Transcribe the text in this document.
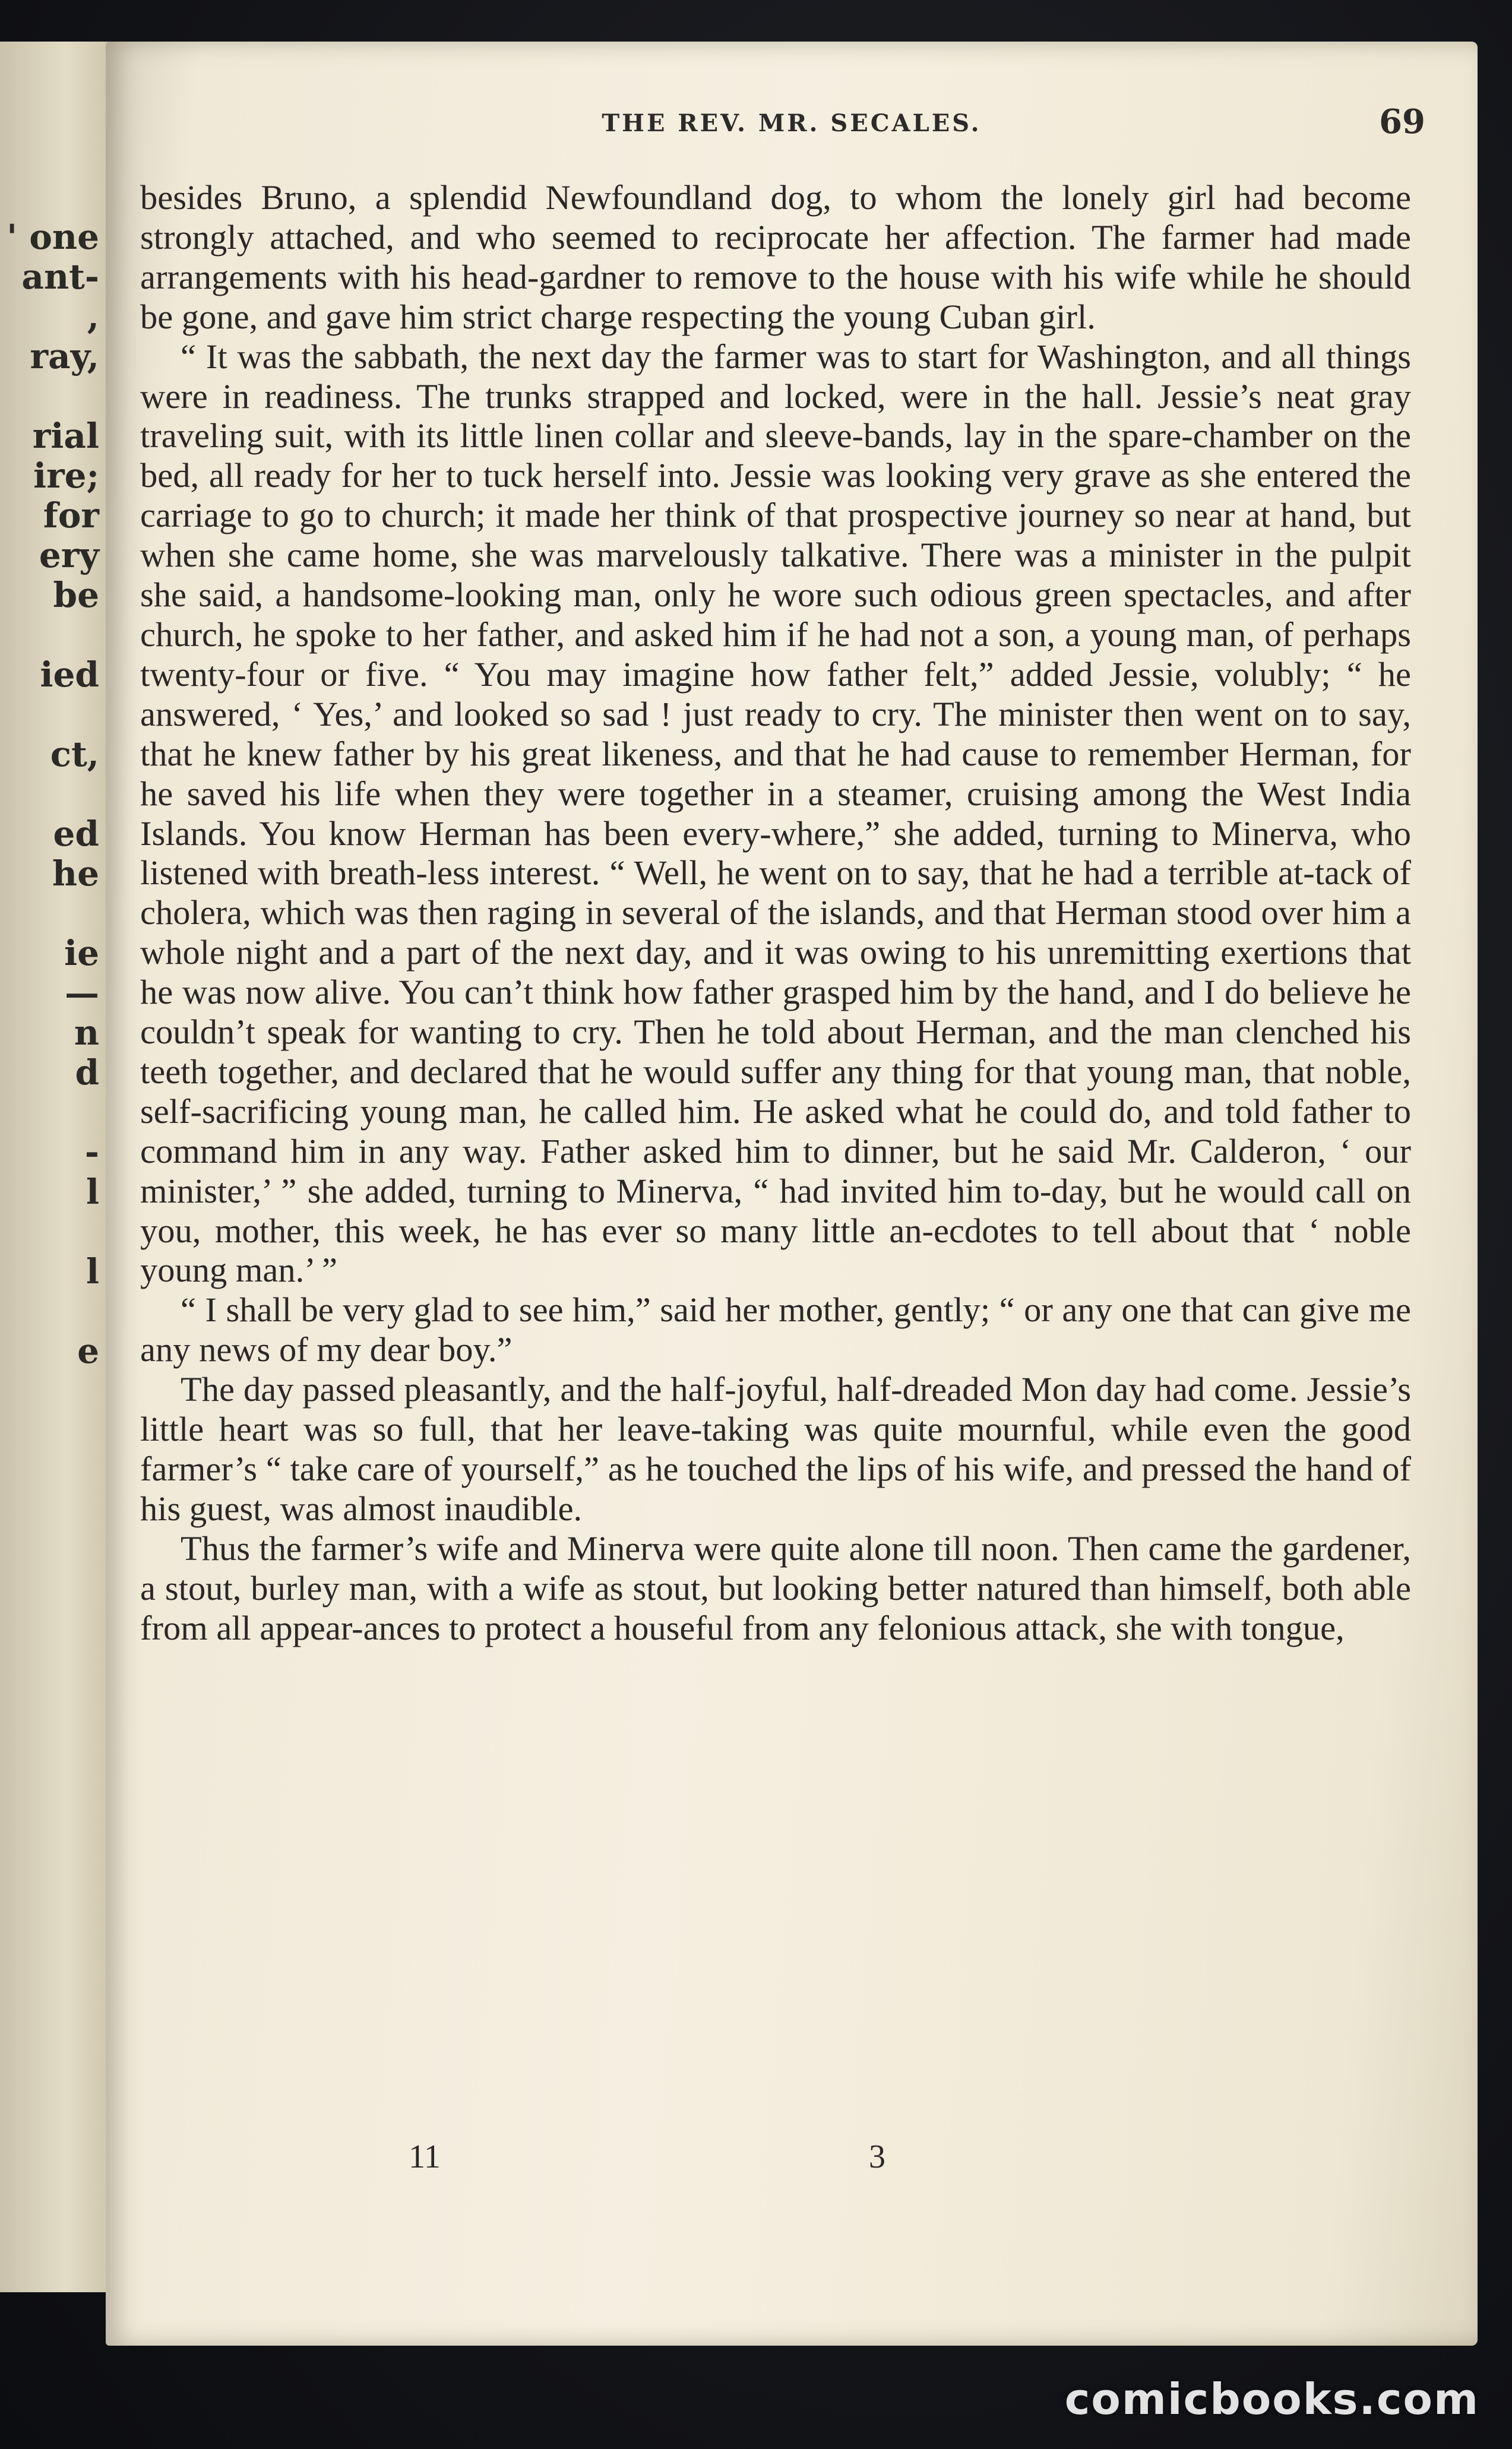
' one
ant-
,
ray,
rial
ire;
for
ery
be
ied
ct,
ed
he
ie
—
n
d
-
l
l
e
THE REV. MR. SECALES.	69

besides Bruno, a splendid Newfoundland dog, to whom the lonely girl had become strongly attached, and who seemed to reciprocate her affection. The farmer had made arrangements with his head-gardner to remove to the house with his wife while he should be gone, and gave him strict charge respecting the young Cuban girl.

“ It was the sabbath, the next day the farmer was to start for Washington, and all things were in readiness. The trunks strapped and locked, were in the hall. Jessie’s neat gray traveling suit, with its little linen collar and sleeve-bands, lay in the spare-chamber on the bed, all ready for her to tuck herself into. Jessie was looking very grave as she entered the carriage to go to church; it made her think of that prospective journey so near at hand, but when she came home, she was marvelously talkative. There was a minister in the pulpit she said, a handsome-looking man, only he wore such odious green spectacles, and after church, he spoke to her father, and asked him if he had not a son, a young man, of perhaps twenty-four or five. “ You may imagine how father felt,” added Jessie, volubly; “ he answered, ‘ Yes,’ and looked so sad ! just ready to cry. The minister then went on to say, that he knew father by his great likeness, and that he had cause to remember Herman, for he saved his life when they were together in a steamer, cruising among the West India Islands. You know Herman has been every-where,” she added, turning to Minerva, who listened with breath-less interest. “ Well, he went on to say, that he had a terrible at-tack of cholera, which was then raging in several of the islands, and that Herman stood over him a whole night and a part of the next day, and it was owing to his unremitting exertions that he was now alive. You can’t think how father grasped him by the hand, and I do believe he couldn’t speak for wanting to cry. Then he told about Herman, and the man clenched his teeth together, and declared that he would suffer any thing for that young man, that noble, self-sacrificing young man, he called him. He asked what he could do, and told father to command him in any way. Father asked him to dinner, but he said Mr. Calderon, ‘ our minister,’ ” she added, turning to Minerva, “ had invited him to-day, but he would call on you, mother, this week, he has ever so many little an-ecdotes to tell about that ‘ noble young man.’ ”

“ I shall be very glad to see him,” said her mother, gently; “ or any one that can give me any news of my dear boy.”

The day passed pleasantly, and the half-joyful, half-dreaded Mon day had come. Jessie’s little heart was so full, that her leave-taking was quite mournful, while even the good farmer’s “ take care of yourself,” as he touched the lips of his wife, and pressed the hand of his guest, was almost inaudible.

Thus the farmer’s wife and Minerva were quite alone till noon. Then came the gardener, a stout, burley man, with a wife as stout, but looking better natured than himself, both able from all appear-ances to protect a houseful from any felonious attack, she with tongue,

11	3
comicbooks.com
